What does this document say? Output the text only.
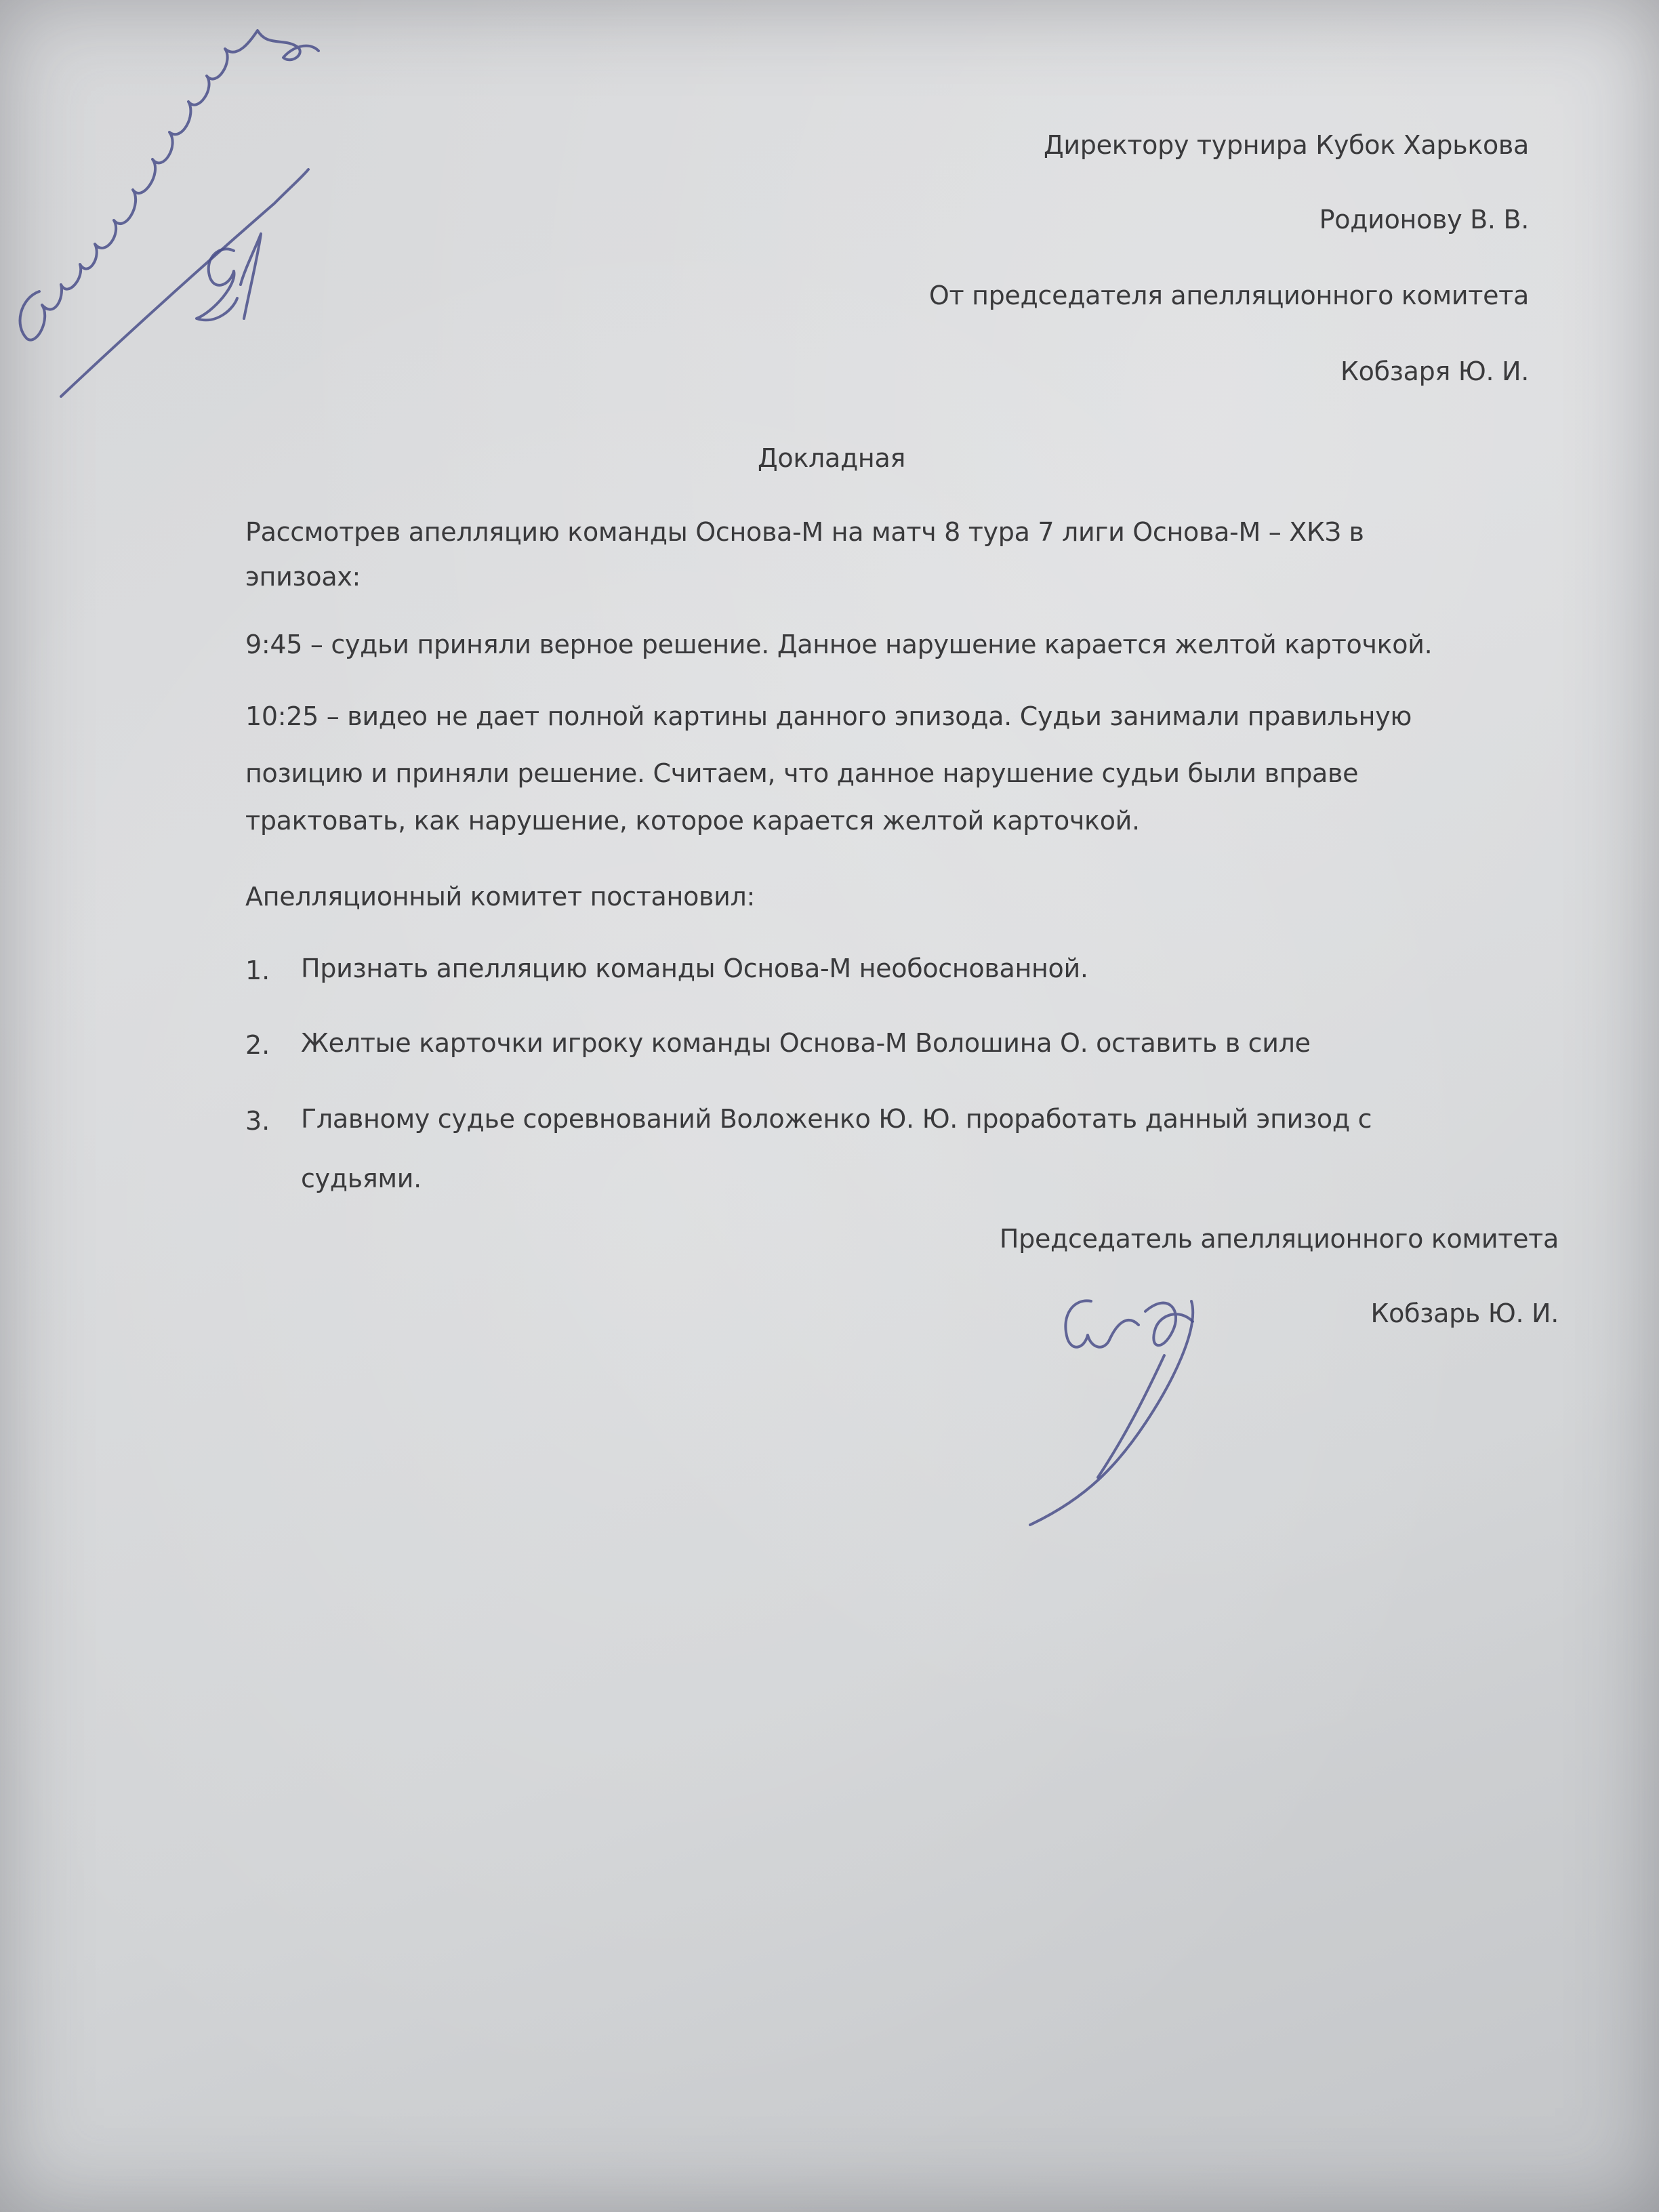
Директору турнира Кубок Харькова
Родионову В. В.
От председателя апелляционного комитета
Кобзаря Ю. И.
Докладная
Рассмотрев апелляцию команды Основа-М на матч 8 тура 7 лиги Основа-М – ХКЗ в
эпизоах:
9:45 – судьи приняли верное решение. Данное нарушение карается желтой карточкой.
10:25 – видео не дает полной картины данного эпизода. Судьи занимали правильную
позицию и приняли решение. Считаем, что данное нарушение судьи были вправе
трактовать, как нарушение, которое карается желтой карточкой.
Апелляционный комитет постановил:
1. Признать апелляцию команды Основа-М необоснованной.
2. Желтые карточки игроку команды Основа-М Волошина О. оставить в силе
3. Главному судье соревнований Воложенко Ю. Ю. проработать данный эпизод с
судьями.
Председатель апелляционного комитета
Кобзарь Ю. И.
